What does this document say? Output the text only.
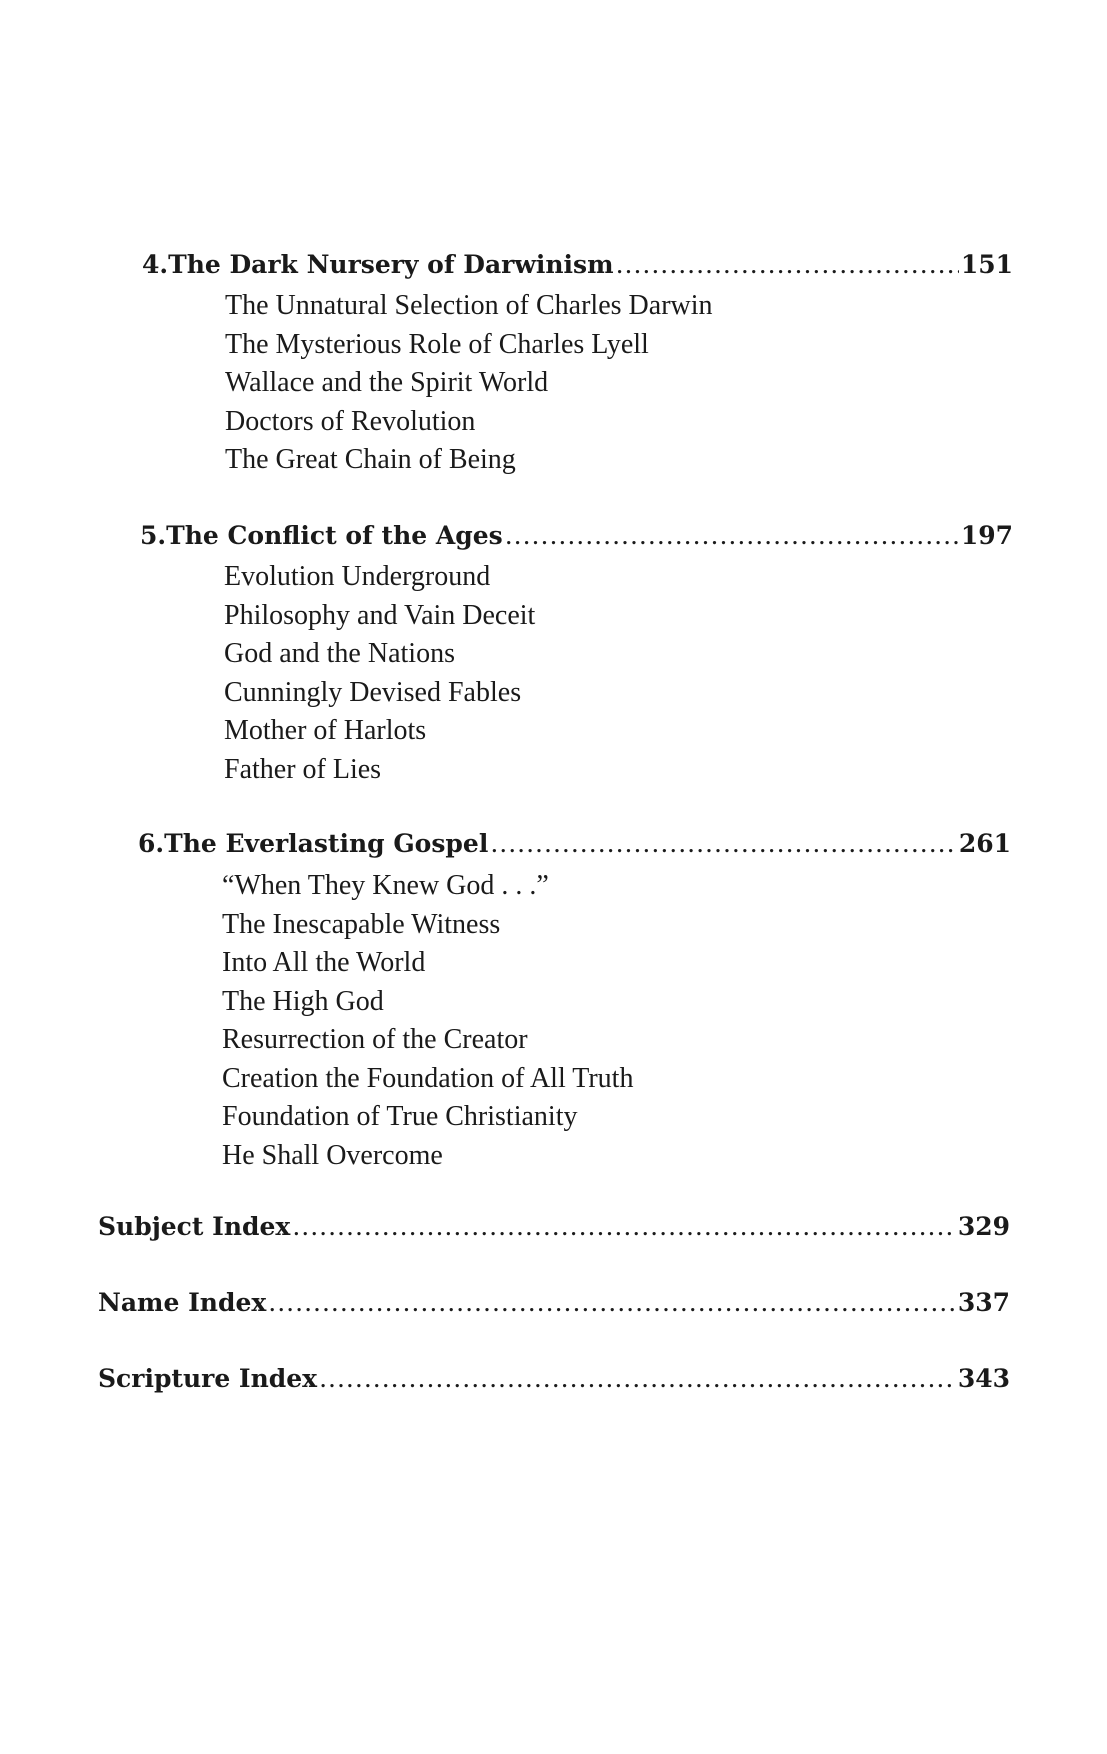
4. The Dark Nursery of Darwinism .....	151
The Unnatural Selection of Charles Darwin
The Mysterious Role of Charles Lyell
Wallace and the Spirit World
Doctors of Revolution
The Great Chain of Being
5. The Conflict of the Ages .....	197
Evolution Underground
Philosophy and Vain Deceit
God and the Nations
Cunningly Devised Fables
Mother of Harlots
Father of Lies
6. The Everlasting Gospel .....	261
“When They Knew God . . .”
The Inescapable Witness
Into All the World
The High God
Resurrection of the Creator
Creation the Foundation of All Truth
Foundation of True Christianity
He Shall Overcome
Subject Index .....	329
Name Index .....	337
Scripture Index .....	343
